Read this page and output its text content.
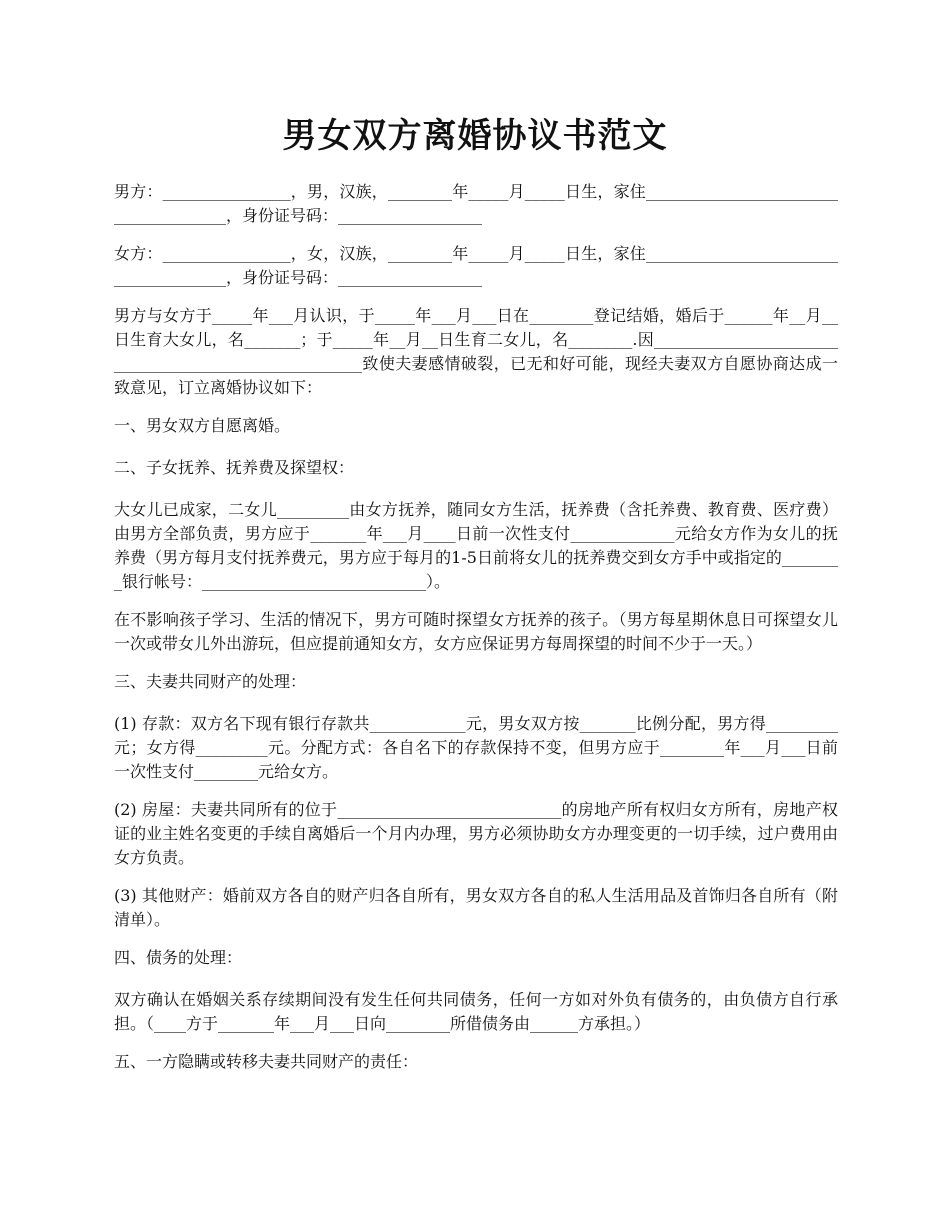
男女双方离婚协议书范文

男方：________________，男，汉族，________年_____月_____日生，家住______________________________________，身份证号码：__________________

女方：________________，女，汉族，________年_____月_____日生，家住______________________________________，身份证号码：__________________

男方与女方于_____年___月认识，于_____年___月___日在________登记结婚，婚后于______年__月__日生育大女儿，名_______；于_____年__月__日生育二女儿，名________.因______________________________________________________致使夫妻感情破裂，已无和好可能，现经夫妻双方自愿协商达成一致意见，订立离婚协议如下：

一、男女双方自愿离婚。

二、子女抚养、抚养费及探望权：

大女儿已成家，二女儿_________由女方抚养，随同女方生活，抚养费（含托养费、教育费、医疗费）由男方全部负责，男方应于_______年___月____日前一次性支付_____________元给女方作为女儿的抚养费（男方每月支付抚养费元，男方应于每月的1-5日前将女儿的抚养费交到女方手中或指定的________银行帐号：____________________________）。

在不影响孩子学习、生活的情况下，男方可随时探望女方抚养的孩子。（男方每星期休息日可探望女儿一次或带女儿外出游玩，但应提前通知女方，女方应保证男方每周探望的时间不少于一天。）

三、夫妻共同财产的处理：

(1) 存款：双方名下现有银行存款共____________元，男女双方按_______比例分配，男方得_________元；女方得_________元。分配方式：各自名下的存款保持不变，但男方应于________年___月___日前一次性支付________元给女方。

(2) 房屋：夫妻共同所有的位于____________________________的房地产所有权归女方所有，房地产权证的业主姓名变更的手续自离婚后一个月内办理，男方必须协助女方办理变更的一切手续，过户费用由女方负责。

(3) 其他财产：婚前双方各自的财产归各自所有，男女双方各自的私人生活用品及首饰归各自所有（附清单）。

四、债务的处理：

双方确认在婚姻关系存续期间没有发生任何共同债务，任何一方如对外负有债务的，由负债方自行承担。（____方于_______年___月___日向________所借债务由______方承担。）

五、一方隐瞒或转移夫妻共同财产的责任：
